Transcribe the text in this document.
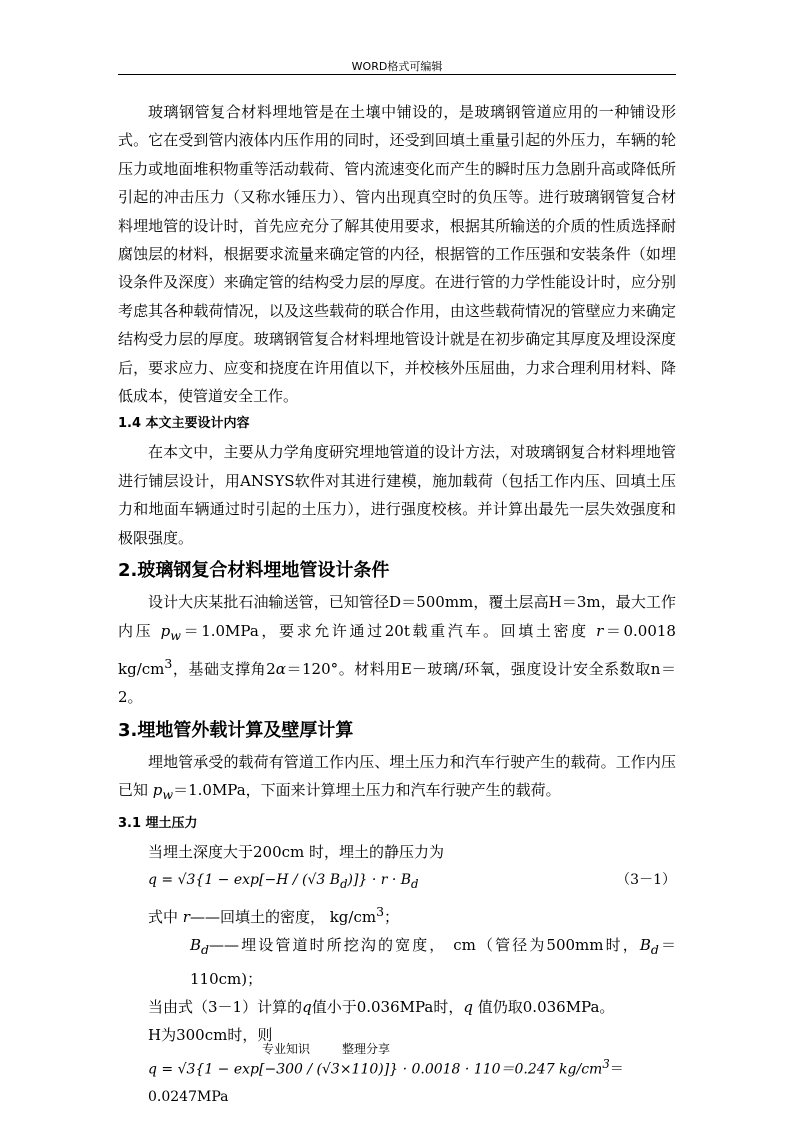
WORD格式可编辑

玻璃钢管复合材料埋地管是在土壤中铺设的，是玻璃钢管道应用的一种铺设形式。它在受到管内液体内压作用的同时，还受到回填土重量引起的外压力，车辆的轮压力或地面堆积物重等活动载荷、管内流速变化而产生的瞬时压力急剧升高或降低所引起的冲击压力（又称水锤压力）、管内出现真空时的负压等。进行玻璃钢管复合材料埋地管的设计时，首先应充分了解其使用要求，根据其所输送的介质的性质选择耐腐蚀层的材料，根据要求流量来确定管的内径，根据管的工作压强和安装条件（如埋设条件及深度）来确定管的结构受力层的厚度。在进行管的力学性能设计时，应分别考虑其各种载荷情况，以及这些载荷的联合作用，由这些载荷情况的管壁应力来确定结构受力层的厚度。玻璃钢管复合材料埋地管设计就是在初步确定其厚度及埋设深度后，要求应力、应变和挠度在许用值以下，并校核外压屈曲，力求合理利用材料、降低成本，使管道安全工作。

1.4 本文主要设计内容

在本文中，主要从力学角度研究埋地管道的设计方法，对玻璃钢复合材料埋地管进行铺层设计，用ANSYS软件对其进行建模，施加载荷（包括工作内压、回填土压力和地面车辆通过时引起的土压力），进行强度校核。并计算出最先一层失效强度和极限强度。

2.玻璃钢复合材料埋地管设计条件

设计大庆某批石油输送管，已知管径D＝500mm，覆土层高H＝3m，最大工作内压 $p_w=1.0MPa$，要求允许通过20t载重汽车。回填土密度 r＝0.0018 $kg/cm^3$，基础支撑角2α＝120°。材料用E－玻璃/环氧，强度设计安全系数取n＝2。

3.埋地管外载计算及壁厚计算

埋地管承受的载荷有管道工作内压、埋土压力和汽车行驶产生的载荷。工作内压已知 $p_w=1.0MPa$，下面来计算埋土压力和汽车行驶产生的载荷。

3.1 埋土压力

当埋土深度大于200cm 时，埋土的静压力为

q = √3{1 − exp[−H / (√3 $B_d)]\} \cdot r \cdot B_d$	（3－1）

式中 r——回填土的密度， $kg/cm^3$；

$B_d——$埋设管道时所挖沟的宽度， cm（管径为500mm时，$B_d=110cm$)；

当由式（3－1）计算的q值小于0.036MPa时，q 值仍取0.036MPa。

H为300cm时，则

q = √3{1 − exp[−300 / (√3×110)]} · 0.0018 · 110＝0.247 $kg/cm^3=0.0247MPa$
专业知识	整理分享
